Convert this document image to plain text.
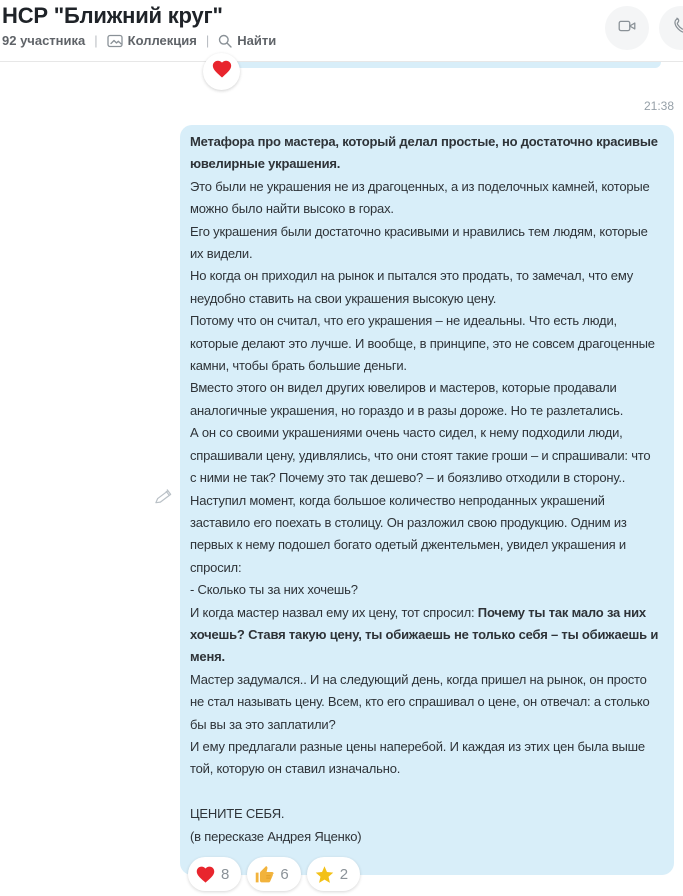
НСР "Ближний круг"
92 участника | Коллекция | Найти
21:38

Метафора про мастера, который делал простые, но достаточно красивые ювелирные украшения.

Это были не украшения не из драгоценных, а из поделочных камней, которые  можно было найти высоко в горах.

Его украшения были достаточно красивыми и нравились тем людям, которые их видели.

Но когда он приходил на рынок и пытался это продать, то замечал, что ему неудобно ставить на свои украшения высокую цену.

Потому что он считал, что его украшения – не идеальны. Что есть люди, которые делают это лучше. И вообще, в принципе, это не совсем драгоценные камни, чтобы брать большие деньги.

Вместо этого он видел других ювелиров и мастеров, которые продавали аналогичные украшения, но гораздо и в разы дороже. Но те разлетались.

А он со своими украшениями очень часто сидел, к нему подходили люди, спрашивали цену, удивлялись, что они стоят такие гроши – и спрашивали: что с ними не так? Почему это так дешево? – и боязливо отходили в сторону..

Наступил момент, когда большое количество непроданных украшений заставило его поехать в столицу. Он разложил свою продукцию. Одним из первых к нему подошел богато одетый джентельмен, увидел украшения и спросил:

- Сколько ты за них хочешь?

И когда мастер назвал ему их цену, тот спросил: Почему ты так мало за них хочешь? Ставя такую цену, ты обижаешь не только себя – ты обижаешь и меня.

Мастер задумался.. И на следующий день, когда пришел на рынок, он просто не стал называть цену. Всем, кто его спрашивал о цене, он отвечал: а столько бы вы за это заплатили?

И ему предлагали разные цены наперебой. И каждая из этих цен была выше той, которую он ставил изначально.

ЦЕНИТЕ СЕБЯ.

(в пересказе Андрея Яценко)

8	6	2
